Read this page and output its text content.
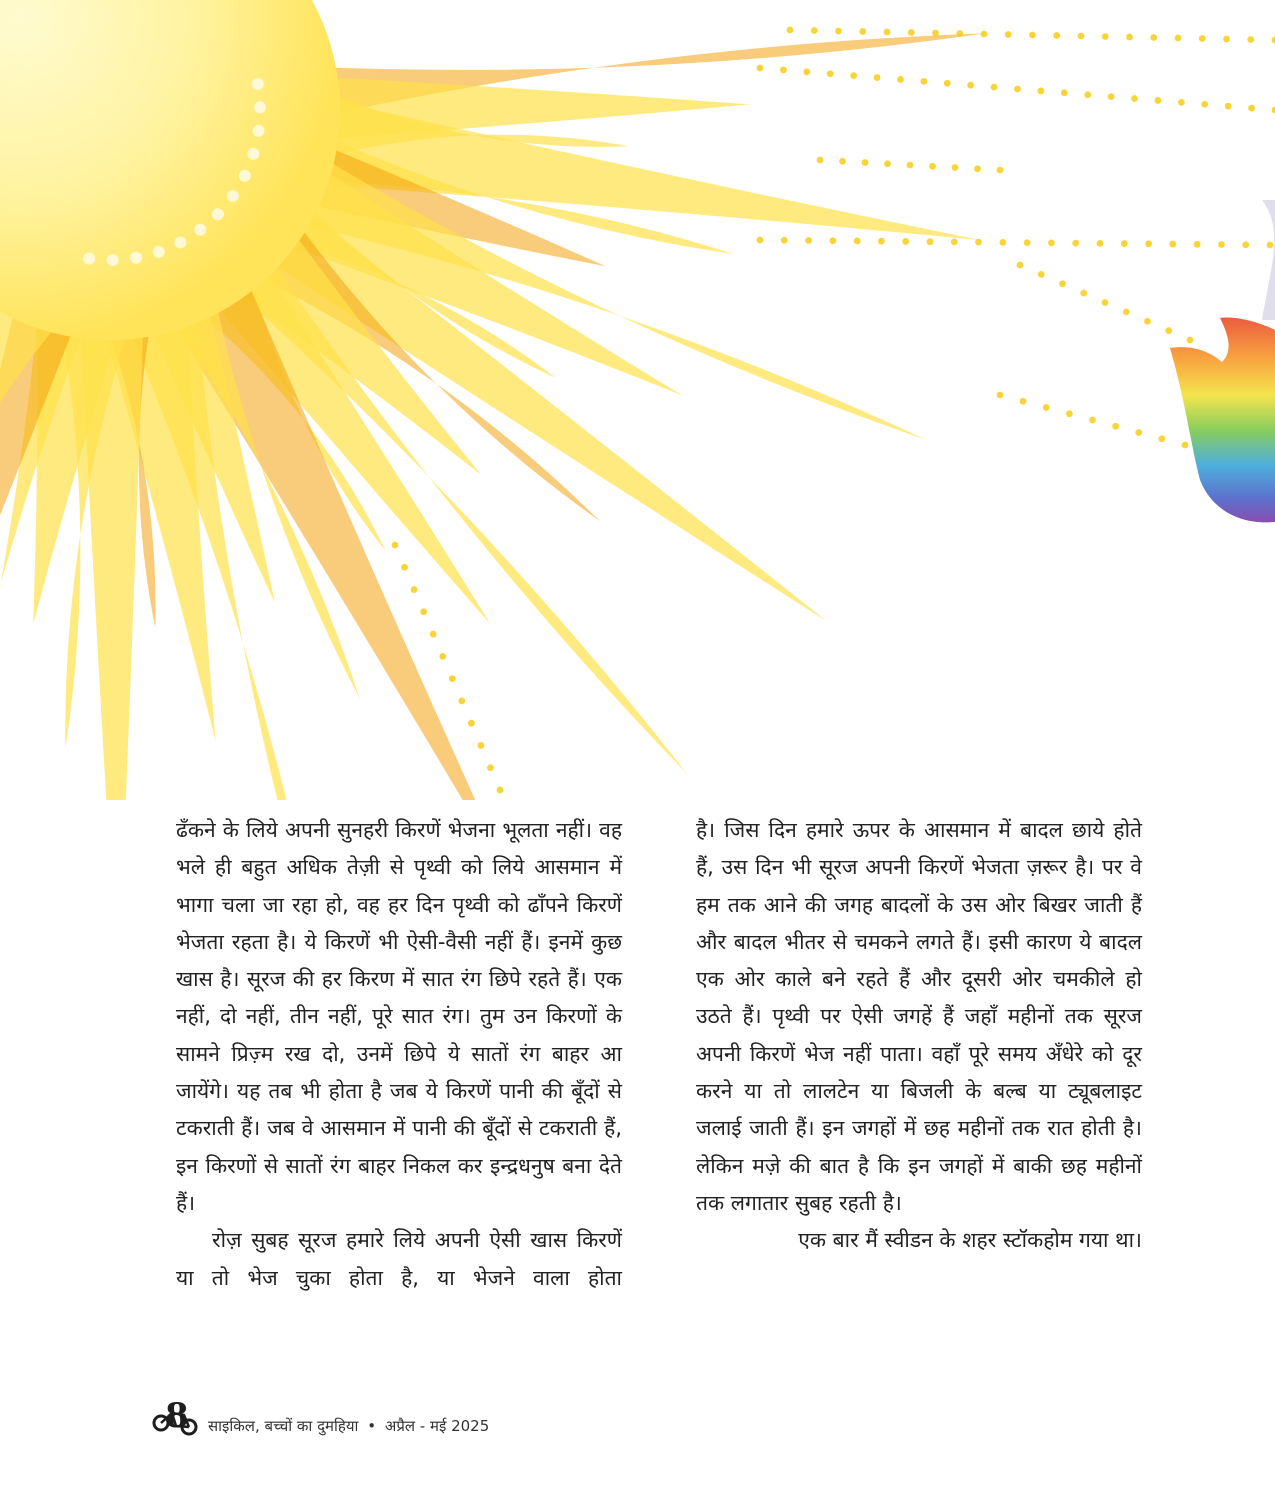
ढँकने के लिये अपनी सुनहरी किरणें भेजना भूलता नहीं। वह भले ही बहुत अधिक तेज़ी से पृथ्वी को लिये आसमान में भागा चला जा रहा हो, वह हर दिन पृथ्वी को ढाँपने किरणें भेजता रहता है। ये किरणें भी ऐसी-वैसी नहीं हैं। इनमें कुछ खास है। सूरज की हर किरण में सात रंग छिपे रहते हैं। एक नहीं, दो नहीं, तीन नहीं, पूरे सात रंग। तुम उन किरणों के सामने प्रिज़्म रख दो, उनमें छिपे ये सातों रंग बाहर आ जायेंगे। यह तब भी होता है जब ये किरणें पानी की बूँदों से टकराती हैं। जब वे आसमान में पानी की बूँदों से टकराती हैं, इन किरणों से सातों रंग बाहर निकल कर इन्द्रधनुष बना देते हैं।

रोज़ सुबह सूरज हमारे लिये अपनी ऐसी खास किरणें या तो भेज चुका होता है, या भेजने वाला होता

है। जिस दिन हमारे ऊपर के आसमान में बादल छाये होते हैं, उस दिन भी सूरज अपनी किरणें भेजता ज़रूर है। पर वे हम तक आने की जगह बादलों के उस ओर बिखर जाती हैं और बादल भीतर से चमकने लगते हैं। इसी कारण ये बादल एक ओर काले बने रहते हैं और दूसरी ओर चमकीले हो उठते हैं। पृथ्वी पर ऐसी जगहें हैं जहाँ महीनों तक सूरज अपनी किरणें भेज नहीं पाता। वहाँ पूरे समय अँधेरे को दूर करने या तो लालटेन या बिजली के बल्ब या ट्यूबलाइट जलाई जाती हैं। इन जगहों में छह महीनों तक रात होती है। लेकिन मज़े की बात है कि इन जगहों में बाकी छह महीनों तक लगातार सुबह रहती है।

एक बार मैं स्वीडन के शहर स्टॉकहोम गया था।

8 साइकिल, बच्चों का दुमहिया • अप्रैल - मई 2025
